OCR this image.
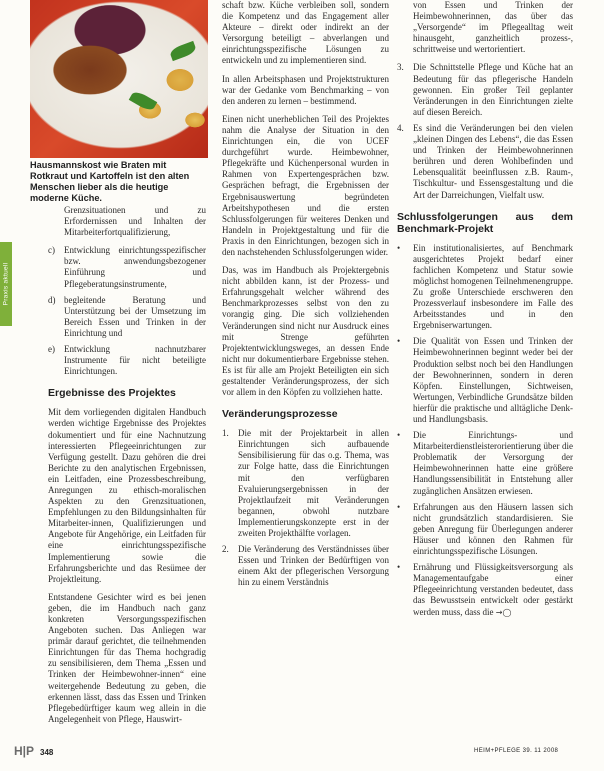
Hausmannskost wie Braten mit Rotkraut und Kartoffeln ist den alten Menschen lieber als die heutige moderne Küche.
Praxis aktuell

Grenzsituationen und zu Erfordernissen und Inhalten der Mitarbeiterfortqualifizierung,

c) Entwicklung einrichtungsspezifischer bzw. anwendungsbezogener Einführung und Pflegeberatungsinstrumente,
d) begleitende Beratung und Unterstützung bei der Umsetzung im Bereich Essen und Trinken in der Einrichtung und
e) Entwicklung nachnutzbarer Instrumente für nicht beteiligte Einrichtungen.
Ergebnisse des Projektes

Mit dem vorliegenden digitalen Handbuch werden wichtige Ergebnisse des Projektes dokumentiert und für eine Nachnutzung interessierten Pflegeeinrichtungen zur Verfügung gestellt. Dazu gehören die drei Berichte zu den analytischen Ergebnissen, ein Leitfaden, eine Prozessbeschreibung, Anregungen zu ethisch-moralischen Aspekten zu den Grenzsituationen, Empfehlungen zu den Bildungsinhalten für Mitarbeiter-innen, Qualifizierungen und Angebote für Angehörige, ein Leitfaden für eine einrichtungsspezifische Implementierung sowie die Erfahrungsberichte und das Resümee der Projektleitung.

Entstandene Gesichter wird es bei jenen geben, die im Handbuch nach ganz konkreten Versorgungsspezifischen Angeboten suchen. Das Anliegen war primär darauf gerichtet, die teilnehmenden Einrichtungen für das Thema hochgradig zu sensibilisieren, dem Thema „Essen und Trinken der Heimbewohner-innen“ eine weitergehende Bedeutung zu geben, die erkennen lässt, dass das Essen und Trinken Pflegebedürftiger kaum weg allein in die Angelegenheit von Pflege, Hauswirt-

schaft bzw. Küche verbleiben soll, sondern die Kompetenz und das Engagement aller Akteure – direkt oder indirekt an der Versorgung beteiligt – abverlangen und einrichtungsspezifische Lösungen zu entwickeln und zu implementieren sind.

In allen Arbeitsphasen und Projektstrukturen war der Gedanke vom Benchmarking – von den anderen zu lernen – bestimmend.

Einen nicht unerheblichen Teil des Projektes nahm die Analyse der Situation in den Einrichtungen ein, die von UCEF durchgeführt wurde. Heimbewohner, Pflegekräfte und Küchenpersonal wurden in Rahmen von Expertengesprächen bzw. Gesprächen befragt, die Ergebnissen der Ergebnisauswertung begründeten Arbeitshypothesen und die ersten Schlussfolgerungen für weiteres Denken und Handeln in Projektgestaltung und für die Praxis in den Einrichtungen, bezogen sich in den nachstehenden Schlussfolgerungen wider.

Das, was im Handbuch als Projektergebnis nicht abbilden kann, ist der Prozess- und Erfahrungsgehalt welcher während des Benchmarkprozesses selbst von den zu vorangig ging. Die sich vollziehenden Veränderungen sind nicht nur Ausdruck eines mit Strenge geführten Projektentwicklungsweges, an dessen Ende nicht nur dokumentierbare Ergebnisse stehen. Es ist für alle am Projekt Beteiligten ein sich gestaltender Veränderungsprozess, der sich vor allem in den Köpfen zu vollziehen hatte.

Veränderungsprozesse
1. Die mit der Projektarbeit in allen Einrichtungen sich aufbauende Sensibilisierung für das o.g. Thema, was zur Folge hatte, dass die Einrichtungen mit den verfügbaren Evaluierungsergebnissen in der Projektlaufzeit mit Veränderungen begannen, obwohl nutzbare Implementierungskonzepte erst in der zweiten Projekthälfte vorlagen.
2. Die Veränderung des Verständnisses über Essen und Trinken der Bedürftigen von einem Akt der pflegerischen Versorgung hin zu einem Verständnis

von Essen und Trinken der Heimbewohnerinnen, das über das „Versorgende“ im Pflegealltag weit hinausgeht, ganzheitlich prozess-, schrittweise und wertorientiert.

3. Die Schnittstelle Pflege und Küche hat an Bedeutung für das pflegerische Handeln gewonnen. Ein großer Teil geplanter Veränderungen in den Einrichtungen zielte auf diesen Bereich.
4. Es sind die Veränderungen bei den vielen „kleinen Dingen des Lebens“, die das Essen und Trinken der Heimbewohnerinnen berühren und deren Wohlbefinden und Lebensqualität beeinflussen z.B. Raum-, Tischkultur- und Essensgestaltung und die Art der Darreichungen, Vielfalt usw.
Schlussfolgerungen aus dem Benchmark-Projekt
• Ein institutionalisiertes, auf Benchmark ausgerichtetes Projekt bedarf einer fachlichen Kompetenz und Statur sowie möglichst homogenen Teilnehmenengruppe. Zu große Unterschiede erschweren den Prozessverlauf insbesondere im Falle des Arbeitsstandes und in den Ergebniserwartungen.
• Die Qualität von Essen und Trinken der Heimbewohnerinnen beginnt weder bei der Produktion selbst noch bei den Handlungen der Bewohnerinnen, sondern in deren Köpfen. Einstellungen, Sichtweisen, Wertungen, Verbindliche Grundsätze bilden hierfür die praktische und alltägliche Denk- und Handlungsbasis.
• Die Einrichtungs- und Mitarbeiterdienstleisterorientierung über die Problematik der Versorgung der Heimbewohnerinnen hatte eine größere Handlungssensibilität in Entstehung aller zugänglichen Ansätzen erwiesen.
• Erfahrungen aus den Häusern lassen sich nicht grundsätzlich standardisieren. Sie geben Anregung für Überlegungen anderer Häuser und können den Rahmen für einrichtungsspezifische Lösungen.
• Ernährung und Flüssigkeitsversorgung als Managementaufgabe einer Pflegeeinrichtung verstanden bedeutet, dass das Bewusstsein entwickelt oder gestärkt werden muss, dass die →◯
H|P 348	HEIM+PFLEGE 39. 11 2008
